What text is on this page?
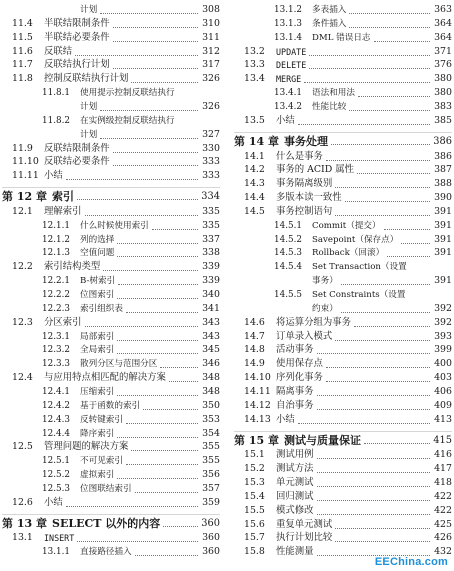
计划	308
11.4 半联结限制条件	310
11.5 半联结必要条件	311
11.6 反联结	312
11.7 反联结执行计划	317
11.8 控制反联结执行计划	326
11.8.1 使用提示控制反联结执行
计划	326
11.8.2 在实例级控制反联结执行
计划	327
11.9 反联结限制条件	330
11.10 反联结必要条件	333
11.11 小结	333
第 12 章 索引	334
12.1 理解索引	335
12.1.1 什么时候使用索引	335
12.1.2 列的选择	337
12.1.3 空值问题	338
12.2 索引结构类型	339
12.2.1 B-树索引	339
12.2.2 位图索引	340
12.2.3 索引组织表	341
12.3 分区索引	343
12.3.1 局部索引	343
12.3.2 全局索引	345
12.3.3 散列分区与范围分区	346
12.4 与应用特点相匹配的解决方案	348
12.4.1 压缩索引	348
12.4.2 基于函数的索引	350
12.4.3 反转键索引	353
12.4.4 降序索引	354
12.5 管理问题的解决方案	355
12.5.1 不可见索引	355
12.5.2 虚拟索引	356
12.5.3 位图联结索引	357
12.6 小结	359
第 13 章 SELECT 以外的内容	360
13.1 INSERT	360
13.1.1 直接路径插入	360
13.1.2 多表插入	363
13.1.3 条件插入	364
13.1.4 DML 错误日志	364
13.2 UPDATE	371
13.3 DELETE	376
13.4 MERGE	380
13.4.1 语法和用法	380
13.4.2 性能比较	383
13.5 小结	385
第 14 章 事务处理	386
14.1 什么是事务	386
14.2 事务的 ACID 属性	387
14.3 事务隔离级别	388
14.4 多版本读一致性	390
14.5 事务控制语句	391
14.5.1 Commit（提交）	391
14.5.2 Savepoint（保存点）	391
14.5.3 Rollback（回滚）	391
14.5.4 Set Transaction（设置
事务）	391
14.5.5 Set Constraints（设置
约束）	392
14.6 将运算分组为事务	392
14.7 订单录入模式	393
14.8 活动事务	399
14.9 使用保存点	400
14.10 序列化事务	403
14.11 隔离事务	406
14.12 自治事务	409
14.13 小结	413
第 15 章 测试与质量保证	415
15.1 测试用例	416
15.2 测试方法	417
15.3 单元测试	418
15.4 回归测试	422
15.5 模式修改	422
15.6 重复单元测试	425
15.7 执行计划比较	426
15.8 性能测量	432
EEChina.com
